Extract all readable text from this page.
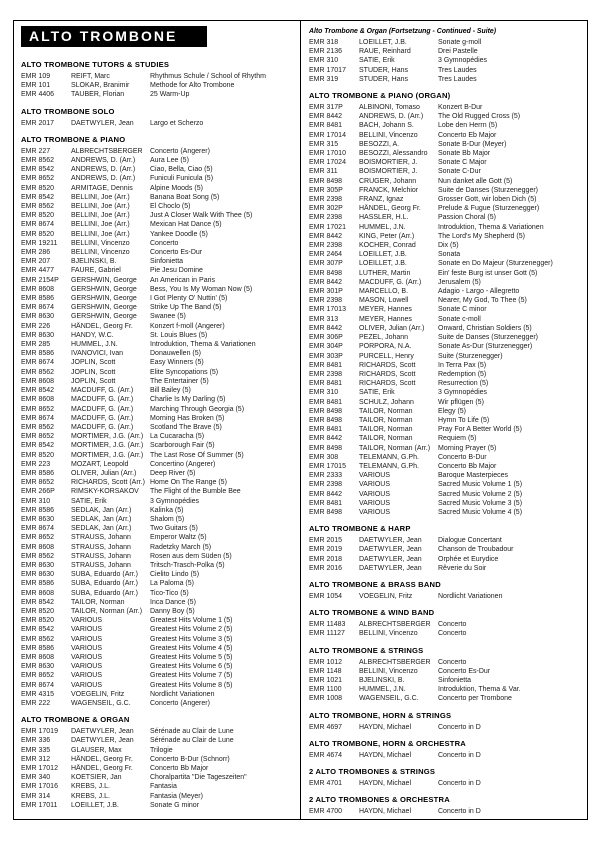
ALTO TROMBONE
ALTO TROMBONE TUTORS & STUDIES
EMR 109	REIFT, Marc	Rhythmus Schule / School of Rhythm
EMR 101	SLOKAR, Branimir	Methode for Alto Trombone
EMR 4406	TAUBER, Florian	25 Warm-Up
ALTO TROMBONE SOLO
EMR 2017	DAETWYLER, Jean	Largo et Scherzo
ALTO TROMBONE & PIANO
EMR 227	ALBRECHTSBERGER	Concerto (Angerer)
EMR 8562	ANDREWS, D. (Arr.)	Aura Lee (5)
EMR 8542	ANDREWS, D. (Arr.)	Ciao, Bella, Ciao (5)
EMR 8652	ANDREWS, D. (Arr.)	Funiculi Funicula (5)
EMR 8520	ARMITAGE, Dennis	Alpine Moods (5)
EMR 8542	BELLINI, Joe (Arr.)	Banana Boat Song (5)
EMR 8562	BELLINI, Joe (Arr.)	El Choclo (5)
EMR 8520	BELLINI, Joe (Arr.)	Just A Closer Walk With Thee (5)
EMR 8674	BELLINI, Joe (Arr.)	Mexican Hat Dance (5)
EMR 8520	BELLINI, Joe (Arr.)	Yankee Doodle (5)
EMR 19211	BELLINI, Vincenzo	Concerto
EMR 286	BELLINI, Vincenzo	Concerto Es-Dur
EMR 207	BJELINSKI, B.	Sinfonietta
EMR 4477	FAURE, Gabriel	Pie Jesu Domine
EMR 2154P	GERSHWIN, George	An American in Paris
EMR 8608	GERSHWIN, George	Bess, You Is My Woman Now (5)
EMR 8586	GERSHWIN, George	I Got Plenty O' Nuttin' (5)
EMR 8674	GERSHWIN, George	Strike Up The Band (5)
EMR 8630	GERSHWIN, George	Swanee (5)
EMR 226	HÄNDEL, Georg Fr.	Konzert f-moll (Angerer)
EMR 8630	HANDY, W.C.	St. Louis Blues (5)
EMR 285	HUMMEL, J.N.	Introduktion, Thema & Variationen
EMR 8586	IVANOVICI, Ivan	Donauwellen (5)
EMR 8674	JOPLIN, Scott	Easy Winners (5)
EMR 8562	JOPLIN, Scott	Elite Syncopations (5)
EMR 8608	JOPLIN, Scott	The Entertainer (5)
EMR 8542	MACDUFF, G. (Arr.)	Bill Bailey (5)
EMR 8608	MACDUFF, G. (Arr.)	Charlie Is My Darling (5)
EMR 8652	MACDUFF, G. (Arr.)	Marching Through Georgia (5)
EMR 8674	MACDUFF, G. (Arr.)	Morning Has Broken (5)
EMR 8562	MACDUFF, G. (Arr.)	Scotland The Brave (5)
EMR 8652	MORTIMER, J.G. (Arr.) La Cucaracha (5)
EMR 8542	MORTIMER, J.G. (Arr.) Scarborough Fair (5)
EMR 8520	MORTIMER, J.G. (Arr.) The Last Rose Of Summer (5)
EMR 223	MOZART, Leopold	Concertino (Angerer)
EMR 8586	OLIVER, Julian (Arr.)	Deep River (5)
EMR 8652	RICHARDS, Scott (Arr.) Home On The Range (5)
EMR 266P	RIMSKY-KORSAKOV	The Flight of the Bumble Bee
EMR 310	SATIE, Erik	3 Gymnopédies
EMR 8586	SEDLAK, Jan (Arr.)	Kalinka (5)
EMR 8630	SEDLAK, Jan (Arr.)	Shalom (5)
EMR 8674	SEDLAK, Jan (Arr.)	Two Guitars (5)
EMR 8652	STRAUSS, Johann	Emperor Waltz (5)
EMR 8608	STRAUSS, Johann	Radetzky March (5)
EMR 8562	STRAUSS, Johann	Rosen aus dem Süden (5)
EMR 8630	STRAUSS, Johann	Tritsch-Trasch-Polka (5)
EMR 8630	SUBA, Eduardo (Arr.)	Cielito Lindo (5)
EMR 8586	SUBA, Eduardo (Arr.)	La Paloma (5)
EMR 8608	SUBA, Eduardo (Arr.)	Tico-Tico (5)
EMR 8542	TAILOR, Norman	Inca Dance (5)
EMR 8520	TAILOR, Norman (Arr.)	Danny Boy (5)
EMR 8520	VARIOUS	Greatest Hits Volume 1 (5)
EMR 8542	VARIOUS	Greatest Hits Volume 2 (5)
EMR 8562	VARIOUS	Greatest Hits Volume 3 (5)
EMR 8586	VARIOUS	Greatest Hits Volume 4 (5)
EMR 8608	VARIOUS	Greatest Hits Volume 5 (5)
EMR 8630	VARIOUS	Greatest Hits Volume 6 (5)
EMR 8652	VARIOUS	Greatest Hits Volume 7 (5)
EMR 8674	VARIOUS	Greatest Hits Volume 8 (5)
EMR 4315	VOEGELIN, Fritz	Nordlicht Variationen
EMR 222	WAGENSEIL, G.C.	Concerto (Angerer)
ALTO TROMBONE & ORGAN
EMR 17019	DAETWYLER, Jean	Sérénade au Clair de Lune
EMR 336	DAETWYLER, Jean	Sérénade au Clair de Lune
EMR 335	GLAUSER, Max	Trilogie
EMR 312	HÄNDEL, Georg Fr.	Concerto B-Dur (Schnorr)
EMR 17012	HÄNDEL, Georg Fr.	Concerto Bb Major
EMR 340	KOETSIER, Jan	Choralpartita "Die Tageszeiten"
EMR 17016	KREBS, J.L.	Fantasia
EMR 314	KREBS, J.L.	Fantasia (Meyer)
EMR 17011	LOEILLET, J.B.	Sonate G minor
Alto Trombone & Organ (Fortsetzung - Continued - Suite)
EMR 318	LOEILLET, J.B.	Sonate g-moll
EMR 2136	RAUE, Reinhard	Drei Pastelle
EMR 310	SATIE, Erik	3 Gymnopédies
EMR 17017	STUDER, Hans	Tres Laudes
EMR 319	STUDER, Hans	Tres Laudes
ALTO TROMBONE & PIANO (ORGAN)
EMR 317P	ALBINONI, Tomaso	Konzert B-Dur
EMR 8442	ANDREWS, D. (Arr.)	The Old Rugged Cross (5)
EMR 8481	BACH, Johann S.	Lobe den Herrn (5)
EMR 17014	BELLINI, Vincenzo	Concerto Eb Major
EMR 315	BESOZZI, A.	Sonate B-Dur (Meyer)
EMR 17010	BESOZZI, Alessandro	Sonate Bb Major
EMR 17024	BOISMORTIER, J.	Sonate C Major
EMR 311	BOISMORTIER, J.	Sonate C-Dur
EMR 8498	CRÜGER, Johann	Nun danket alle Gott (5)
EMR 305P	FRANCK, Melchior	Suite de Danses (Sturzenegger)
EMR 2398	FRANZ, Ignaz	Grosser Gott, wir loben Dich (5)
EMR 302P	HÄNDEL, Georg Fr.	Prelude & Fugue (Sturzenegger)
EMR 2398	HASSLER, H.L.	Passion Choral (5)
EMR 17021	HUMMEL, J.N.	Introduktion, Thema & Variationen
EMR 8442	KING, Peter (Arr.)	The Lord's My Shepherd (5)
EMR 2398	KOCHER, Conrad	Dix (5)
EMR 2464	LOEILLET, J.B.	Sonata
EMR 307P	LOEILLET, J.B.	Sonate en Do Majeur (Sturzenegger)
EMR 8498	LUTHER, Martin	Ein' feste Burg ist unser Gott (5)
EMR 8442	MACDUFF, G. (Arr.)	Jerusalem (5)
EMR 301P	MARCELLO, B.	Adagio - Largo - Allegretto
EMR 2398	MASON, Lowell	Nearer, My God, To Thee (5)
EMR 17013	MEYER, Hannes	Sonate C minor
EMR 313	MEYER, Hannes	Sonate c-moll
EMR 8442	OLIVER, Julian (Arr.)	Onward, Christian Soldiers (5)
EMR 306P	PEZEL, Johann	Suite de Danses (Sturzenegger)
EMR 304P	PORPORA, N.A.	Sonate As-Dur (Sturzenegger)
EMR 303P	PURCELL, Henry	Suite (Sturzenegger)
EMR 8481	RICHARDS, Scott	In Terra Pax (5)
EMR 2398	RICHARDS, Scott	Redemption (5)
EMR 8481	RICHARDS, Scott	Resurrection (5)
EMR 310	SATIE, Erik	3 Gymnopédies
EMR 8481	SCHULZ, Johann	Wir pflügen (5)
EMR 8498	TAILOR, Norman	Elegy (5)
EMR 8498	TAILOR, Norman	Hymn To Life (5)
EMR 8481	TAILOR, Norman	Pray For A Better World (5)
EMR 8442	TAILOR, Norman	Requiem (5)
EMR 8498	TAILOR, Norman (Arr.)	Morning Prayer (5)
EMR 308	TELEMANN, G.Ph.	Concerto B-Dur
EMR 17015	TELEMANN, G.Ph.	Concerto Bb Major
EMR 2333	VARIOUS	Baroque Masterpieces
EMR 2398	VARIOUS	Sacred Music Volume 1 (5)
EMR 8442	VARIOUS	Sacred Music Volume 2 (5)
EMR 8481	VARIOUS	Sacred Music Volume 3 (5)
EMR 8498	VARIOUS	Sacred Music Volume 4 (5)
ALTO TROMBONE & HARP
EMR 2015	DAETWYLER, Jean	Dialogue Concertant
EMR 2019	DAETWYLER, Jean	Chanson de Troubadour
EMR 2018	DAETWYLER, Jean	Orphée et Eurydice
EMR 2016	DAETWYLER, Jean	Rêverie du Soir
ALTO TROMBONE & BRASS BAND
EMR 1054	VOEGELIN, Fritz	Nordlicht Variationen
ALTO TROMBONE & WIND BAND
EMR 11483	ALBRECHTSBERGER	Concerto
EMR 11127	BELLINI, Vincenzo	Concerto
ALTO TROMBONE & STRINGS
EMR 1012	ALBRECHTSBERGER	Concerto
EMR 1148	BELLINI, Vincenzo	Concerto Es-Dur
EMR 1021	BJELINSKI, B.	Sinfonietta
EMR 1100	HUMMEL, J.N.	Introduktion, Thema & Var.
EMR 1008	WAGENSEIL, G.C.	Concerto per Trombone
ALTO TROMBONE, HORN & STRINGS
EMR 4697	HAYDN, Michael	Concerto in D
ALTO TROMBONE, HORN & ORCHESTRA
EMR 4674	HAYDN, Michael	Concerto in D
2 ALTO TROMBONES & STRINGS
EMR 4701	HAYDN, Michael	Concerto in D
2 ALTO TROMBONES & ORCHESTRA
EMR 4700	HAYDN, Michael	Concerto in D
